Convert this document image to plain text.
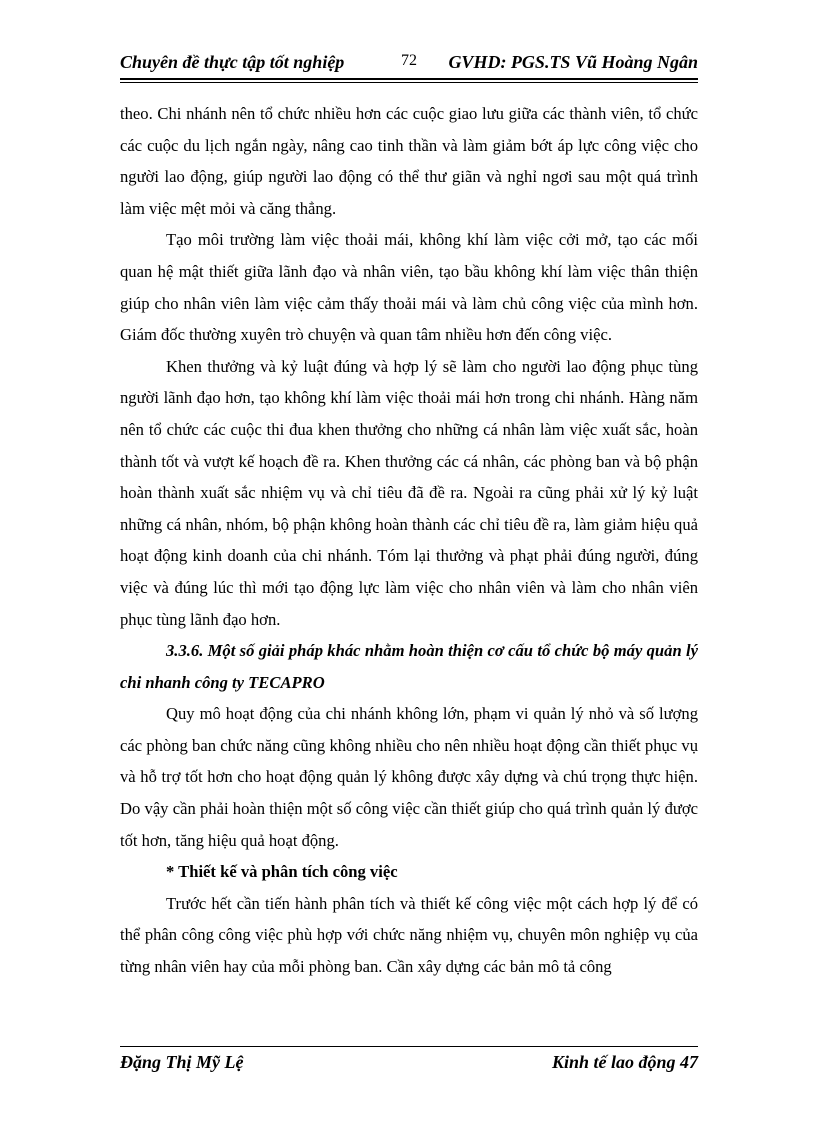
Chuyên đề thực tập tốt nghiệp	72 GVHD: PGS.TS Vũ Hoàng Ngân

theo. Chi nhánh nên tổ chức nhiều hơn các cuộc giao lưu giữa các thành viên, tổ chức các cuộc du lịch ngắn ngày, nâng cao tinh thần và làm giảm bớt áp lực công việc cho người lao động, giúp người lao động có thể thư giãn và nghỉ ngơi sau một quá trình làm việc mệt mỏi và căng thẳng.

Tạo môi trường làm việc thoải mái, không khí làm việc cởi mở, tạo các mối quan hệ mật thiết giữa lãnh đạo và nhân viên, tạo bầu không khí làm việc thân thiện giúp cho nhân viên làm việc cảm thấy thoải mái và làm chủ công việc của mình hơn. Giám đốc thường xuyên trò chuyện và quan tâm nhiều hơn đến công việc.

Khen thưởng và kỷ luật đúng và hợp lý sẽ làm cho người lao động phục tùng người lãnh đạo hơn, tạo không khí làm việc thoải mái hơn trong chi nhánh. Hàng năm nên tổ chức các cuộc thi đua khen thưởng cho những cá nhân làm việc xuất sắc, hoàn thành tốt và vượt kế hoạch đề ra. Khen thưởng các cá nhân, các phòng ban và bộ phận hoàn thành xuất sắc nhiệm vụ và chỉ tiêu đã đề ra. Ngoài ra cũng phải xử lý kỷ luật những cá nhân, nhóm, bộ phận không hoàn thành các chỉ tiêu đề ra, làm giảm hiệu quả hoạt động kinh doanh của chi nhánh. Tóm lại thưởng và phạt phải đúng người, đúng việc và đúng lúc thì mới tạo động lực làm việc cho nhân viên và làm cho nhân viên phục tùng lãnh đạo hơn.

3.3.6. Một số giải pháp khác nhằm hoàn thiện cơ cấu tổ chức bộ máy quản lý chi nhanh công ty TECAPRO

Quy mô hoạt động của chi nhánh không lớn, phạm vi quản lý nhỏ và số lượng các phòng ban chức năng cũng không nhiều cho nên nhiều hoạt động cần thiết phục vụ và hỗ trợ tốt hơn cho hoạt động quản lý không được xây dựng và chú trọng thực hiện. Do vậy cần phải hoàn thiện một số công việc cần thiết giúp cho quá trình quản lý được tốt hơn, tăng hiệu quả hoạt động.

* Thiết kế và phân tích công việc

Trước hết cần tiến hành phân tích và thiết kế công việc một cách hợp lý để có thể phân công công việc phù hợp với chức năng nhiệm vụ, chuyên môn nghiệp vụ của từng nhân viên hay của mỗi phòng ban. Cần xây dựng các bản mô tả công

Đặng Thị Mỹ Lệ	Kinh tế lao động 47
